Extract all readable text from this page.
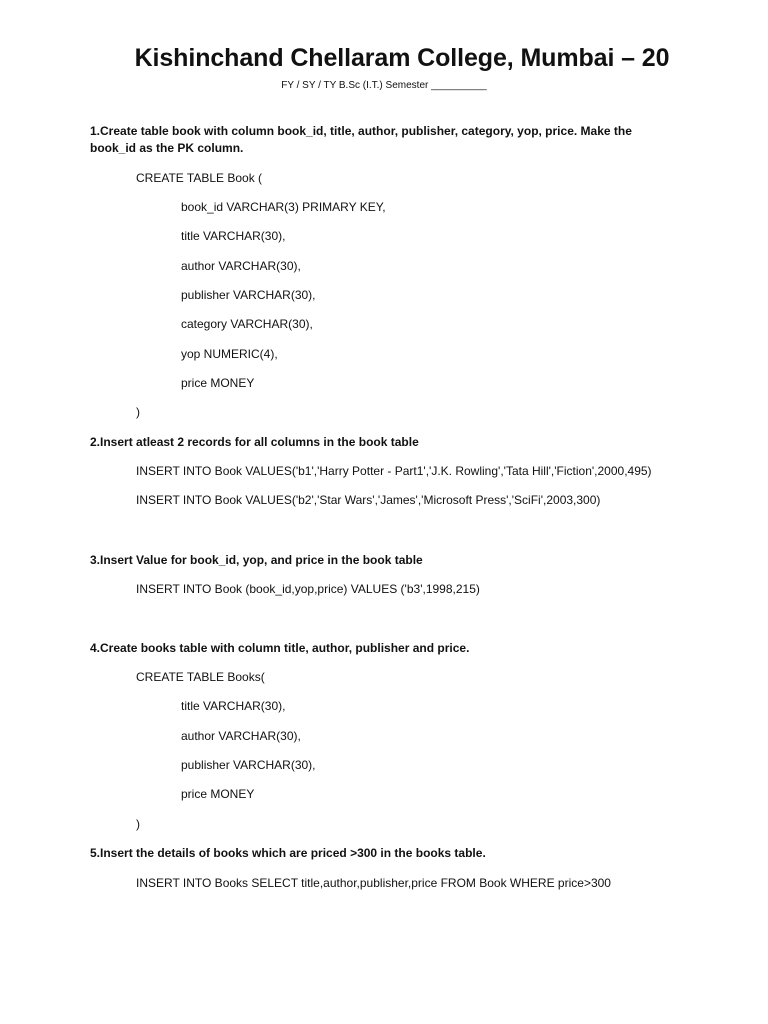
Kishinchand Chellaram College, Mumbai – 20
FY / SY / TY B.Sc (I.T.) Semester __________
1.Create table book with column book_id, title, author, publisher, category, yop, price. Make the
book_id as the PK column.
CREATE TABLE Book (
book_id VARCHAR(3) PRIMARY KEY,
title VARCHAR(30),
author VARCHAR(30),
publisher VARCHAR(30),
category VARCHAR(30),
yop NUMERIC(4),
price MONEY
)
2.Insert atleast 2 records for all columns in the book table
INSERT INTO Book VALUES('b1','Harry Potter - Part1','J.K. Rowling','Tata Hill','Fiction',2000,495)
INSERT INTO Book VALUES('b2','Star Wars','James','Microsoft Press','SciFi',2003,300)
3.Insert Value for book_id, yop, and price in the book table
INSERT INTO Book (book_id,yop,price) VALUES ('b3',1998,215)
4.Create books table with column title, author, publisher and price.
CREATE TABLE Books(
title VARCHAR(30),
author VARCHAR(30),
publisher VARCHAR(30),
price MONEY
)
5.Insert the details of books which are priced >300 in the books table.
INSERT INTO Books SELECT title,author,publisher,price FROM Book WHERE price>300
